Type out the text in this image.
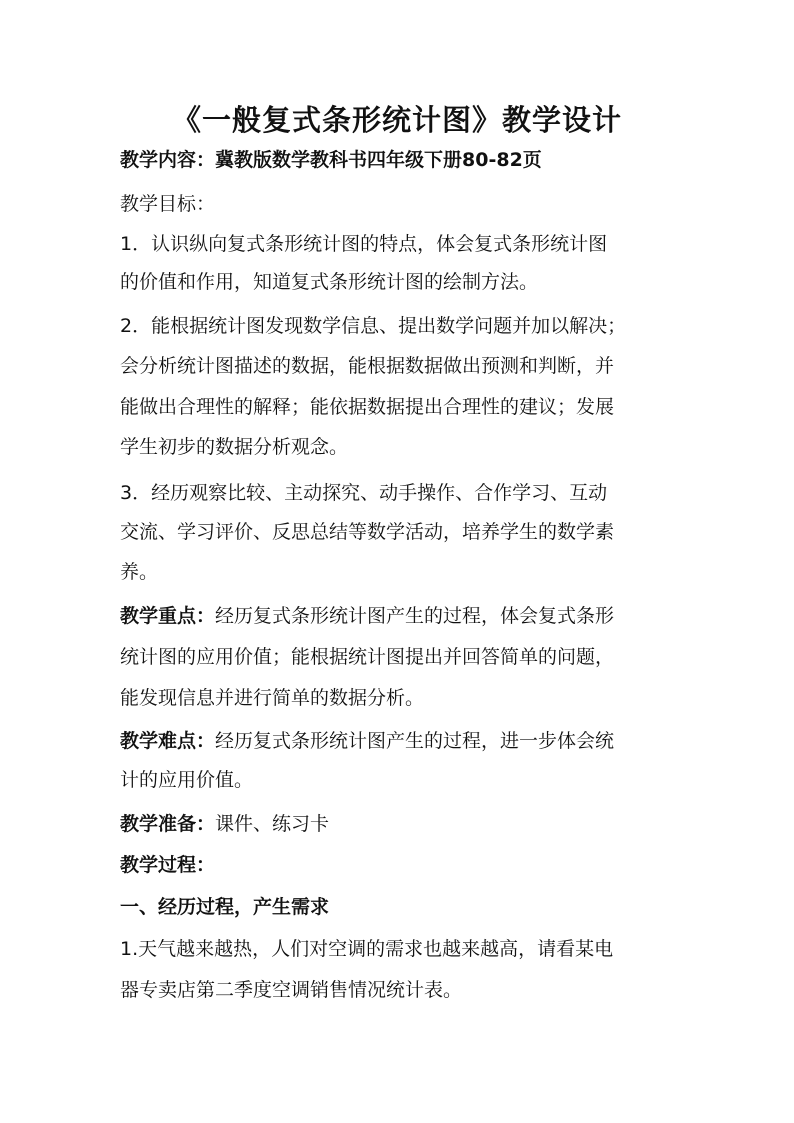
《一般复式条形统计图》教学设计
教学内容：冀教版数学教科书四年级下册80-82页
教学目标：
1．认识纵向复式条形统计图的特点，体会复式条形统计图
的价值和作用，知道复式条形统计图的绘制方法。
2．能根据统计图发现数学信息、提出数学问题并加以解决；
会分析统计图描述的数据，能根据数据做出预测和判断，并
能做出合理性的解释；能依据数据提出合理性的建议；发展
学生初步的数据分析观念。
3．经历观察比较、主动探究、动手操作、合作学习、互动
交流、学习评价、反思总结等数学活动，培养学生的数学素
养。
教学重点：经历复式条形统计图产生的过程，体会复式条形
统计图的应用价值；能根据统计图提出并回答简单的问题，
能发现信息并进行简单的数据分析。
教学难点：经历复式条形统计图产生的过程，进一步体会统
计的应用价值。
教学准备：课件、练习卡
教学过程：
一、经历过程，产生需求
1.天气越来越热，人们对空调的需求也越来越高，请看某电
器专卖店第二季度空调销售情况统计表。
